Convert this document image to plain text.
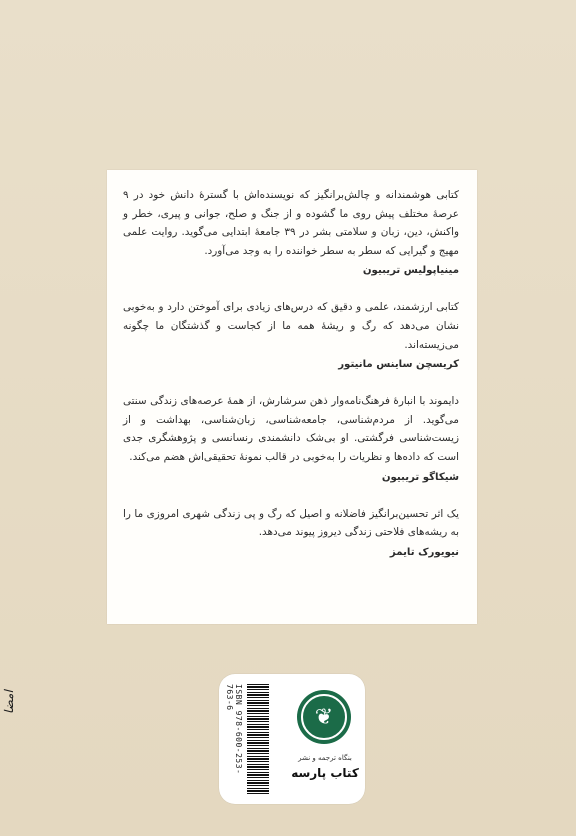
کتابی هوشمندانه و چالش‌برانگیز که نویسنده‌اش با گسترهٔ دانش خود در ۹ عرصهٔ مختلف پیش روی ما گشوده و از جنگ و صلح، جوانی و پیری، خطر و واکنش، دین، زبان و سلامتی بشر در ۳۹ جامعهٔ ابتدایی می‌گوید. روایت علمی مهیج و گیرایی که سطر به سطر خواننده را به وجد می‌آورد.

مینیاپولیس تریبیون

کتابی ارزشمند، علمی و دقیق که درس‌های زیادی برای آموختن دارد و به‌خوبی نشان می‌دهد که رگ و ریشهٔ همه ما از کجاست و گذشتگان ما چگونه می‌زیسته‌اند.

کریسچن ساینس مانیتور

دایموند با انبارهٔ فرهنگ‌نامه‌وار ذهن سرشارش، از همهٔ عرصه‌های زندگی سنتی می‌گوید. از مردم‌شناسی، جامعه‌شناسی، زبان‌شناسی، بهداشت و از زیست‌شناسی فرگشتی. او بی‌شک دانشمندی رنسانسی و پژوهشگری جدی است که داده‌ها و نظریات را به‌خوبی در قالب نمونهٔ تحقیقی‌اش هضم می‌کند.

شیکاگو تریبیون

یک اثر تحسین‌برانگیز فاضلانه و اصیل که رگ و پی زندگی شهری امروزی ما را به ریشه‌های فلاحتی زندگی دیروز پیوند می‌دهد.

نیویورک تایمز
ISBN 978-600-253-763-6
❦
بنگاه ترجمه و نشر
کتاب پارسه
امضا
